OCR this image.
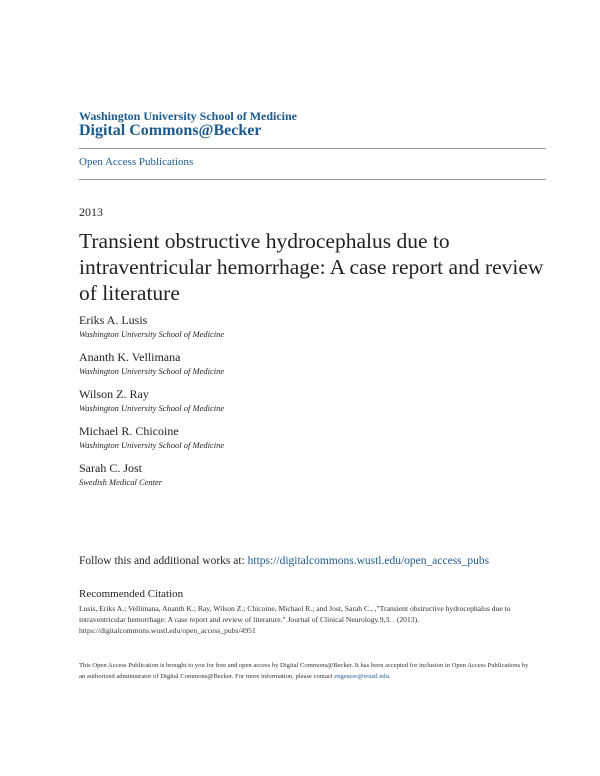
Washington University School of Medicine
Digital Commons@Becker
Open Access Publications
2013
Transient obstructive hydrocephalus due to intraventricular hemorrhage: A case report and review of literature
Eriks A. Lusis
Washington University School of Medicine
Ananth K. Vellimana
Washington University School of Medicine
Wilson Z. Ray
Washington University School of Medicine
Michael R. Chicoine
Washington University School of Medicine
Sarah C. Jost
Swedish Medical Center
Follow this and additional works at: https://digitalcommons.wustl.edu/open_access_pubs
Recommended Citation
Lusis, Eriks A.; Vellimana, Ananth K.; Ray, Wilson Z.; Chicoine, Michael R.; and Jost, Sarah C., ,"Transient obstructive hydrocephalus due to intraventricular hemorrhage: A case report and review of literature." Journal of Clinical Neurology.9,3. . (2013). https://digitalcommons.wustl.edu/open_access_pubs/4951
This Open Access Publication is brought to you for free and open access by Digital Commons@Becker. It has been accepted for inclusion in Open Access Publications by an authorized administrator of Digital Commons@Becker. For more information, please contact engeszer@wustl.edu.
